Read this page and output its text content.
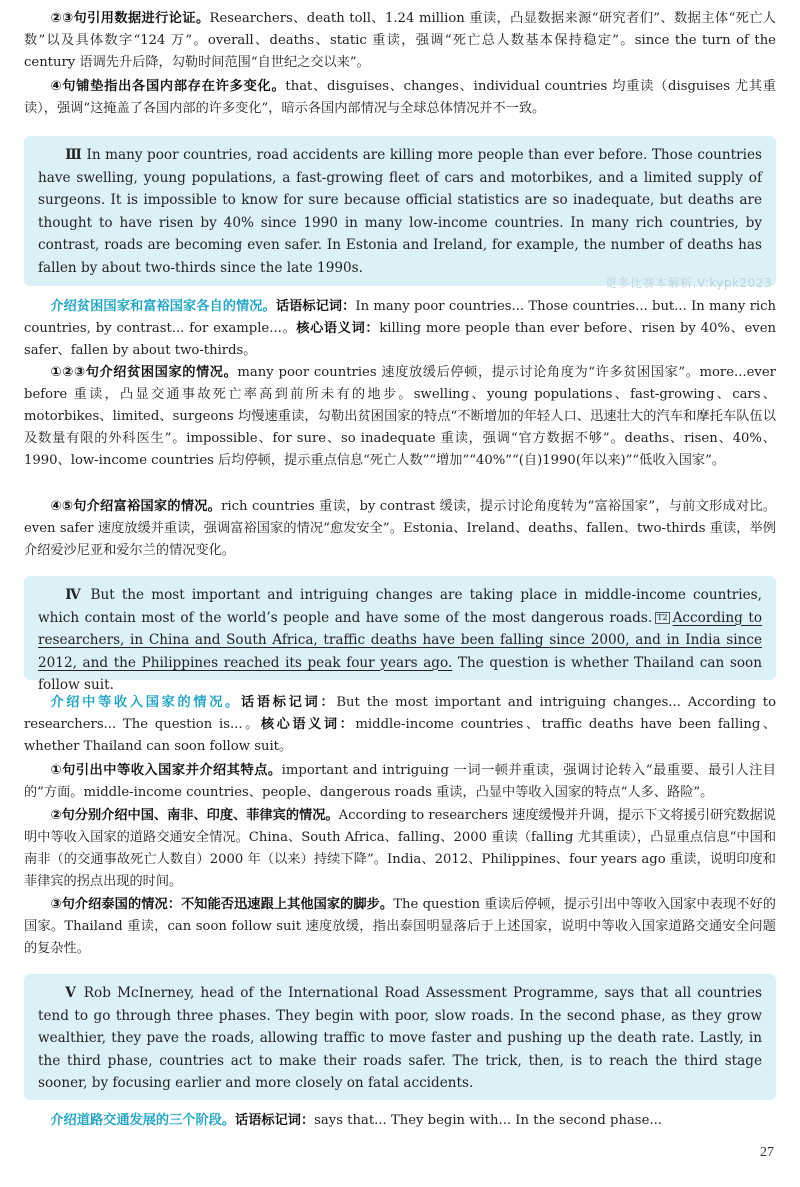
②③句引用数据进行论证。Researchers、death toll、1.24 million 重读，凸显数据来源“研究者们”、数据主体“死亡人数”以及具体数字“124 万”。overall、deaths、static 重读，强调“死亡总人数基本保持稳定”。since the turn of the century 语调先升后降，勾勒时间范围“自世纪之交以来”。

④句铺垫指出各国内部存在许多变化。that、disguises、changes、individual countries 均重读（disguises 尤其重读），强调“这掩盖了各国内部的许多变化”，暗示各国内部情况与全球总体情况并不一致。

Ⅲ In many poor countries, road accidents are killing more people than ever before. Those countries have swelling, young populations, a fast-growing fleet of cars and motorbikes, and a limited supply of surgeons. It is impossible to know for sure because official statistics are so inadequate, but deaths are thought to have risen by 40% since 1990 in many low-income countries. In many rich countries, by contrast, roads are becoming even safer. In Estonia and Ireland, for example, the number of deaths has fallen by about two-thirds since the late 1990s.

更多比赛本解析,V:kypk2023

介绍贫困国家和富裕国家各自的情况。话语标记词：In many poor countries... Those countries... but... In many rich countries, by contrast... for example...。核心语义词：killing more people than ever before、risen by 40%、even safer、fallen by about two-thirds。

①②③句介绍贫困国家的情况。many poor countries 速度放缓后停顿，提示讨论角度为“许多贫困国家”。more...ever before 重读，凸显交通事故死亡率高到前所未有的地步。swelling、young populations、fast-growing、cars、motorbikes、limited、surgeons 均慢速重读，勾勒出贫困国家的特点“不断增加的年轻人口、迅速壮大的汽车和摩托车队伍以及数量有限的外科医生”。impossible、for sure、so inadequate 重读，强调“官方数据不够”。deaths、risen、40%、1990、low-income countries 后均停顿，提示重点信息“死亡人数”“增加”“40%”“(自)1990(年以来)”“低收入国家”。

④⑤句介绍富裕国家的情况。rich countries 重读，by contrast 缓读，提示讨论角度转为“富裕国家”，与前文形成对比。even safer 速度放缓并重读，强调富裕国家的情况“愈发安全”。Estonia、Ireland、deaths、fallen、two-thirds 重读，举例介绍爱沙尼亚和爱尔兰的情况变化。

Ⅳ But the most important and intriguing changes are taking place in middle-income countries, which contain most of the world’s people and have some of the most dangerous roads. T2 According to researchers, in China and South Africa, traffic deaths have been falling since 2000, and in India since 2012, and the Philippines reached its peak four years ago. The question is whether Thailand can soon follow suit.

介绍中等收入国家的情况。话语标记词：But the most important and intriguing changes... According to researchers... The question is...。核心语义词：middle-income countries、traffic deaths have been falling、whether Thailand can soon follow suit。

①句引出中等收入国家并介绍其特点。important and intriguing 一词一顿并重读，强调讨论转入“最重要、最引人注目的”方面。middle-income countries、people、dangerous roads 重读，凸显中等收入国家的特点“人多、路险”。

②句分别介绍中国、南非、印度、菲律宾的情况。According to researchers 速度缓慢并升调，提示下文将援引研究数据说明中等收入国家的道路交通安全情况。China、South Africa、falling、2000 重读（falling 尤其重读），凸显重点信息“中国和南非（的交通事故死亡人数自）2000 年（以来）持续下降”。India、2012、Philippines、four years ago 重读，说明印度和菲律宾的拐点出现的时间。

③句介绍泰国的情况：不知能否迅速跟上其他国家的脚步。The question 重读后停顿，提示引出中等收入国家中表现不好的国家。Thailand 重读，can soon follow suit 速度放缓，指出泰国明显落后于上述国家，说明中等收入国家道路交通安全问题的复杂性。

Ⅴ Rob McInerney, head of the International Road Assessment Programme, says that all countries tend to go through three phases. They begin with poor, slow roads. In the second phase, as they grow wealthier, they pave the roads, allowing traffic to move faster and pushing up the death rate. Lastly, in the third phase, countries act to make their roads safer. The trick, then, is to reach the third stage sooner, by focusing earlier and more closely on fatal accidents.

介绍道路交通发展的三个阶段。话语标记词：says that... They begin with... In the second phase...

27
